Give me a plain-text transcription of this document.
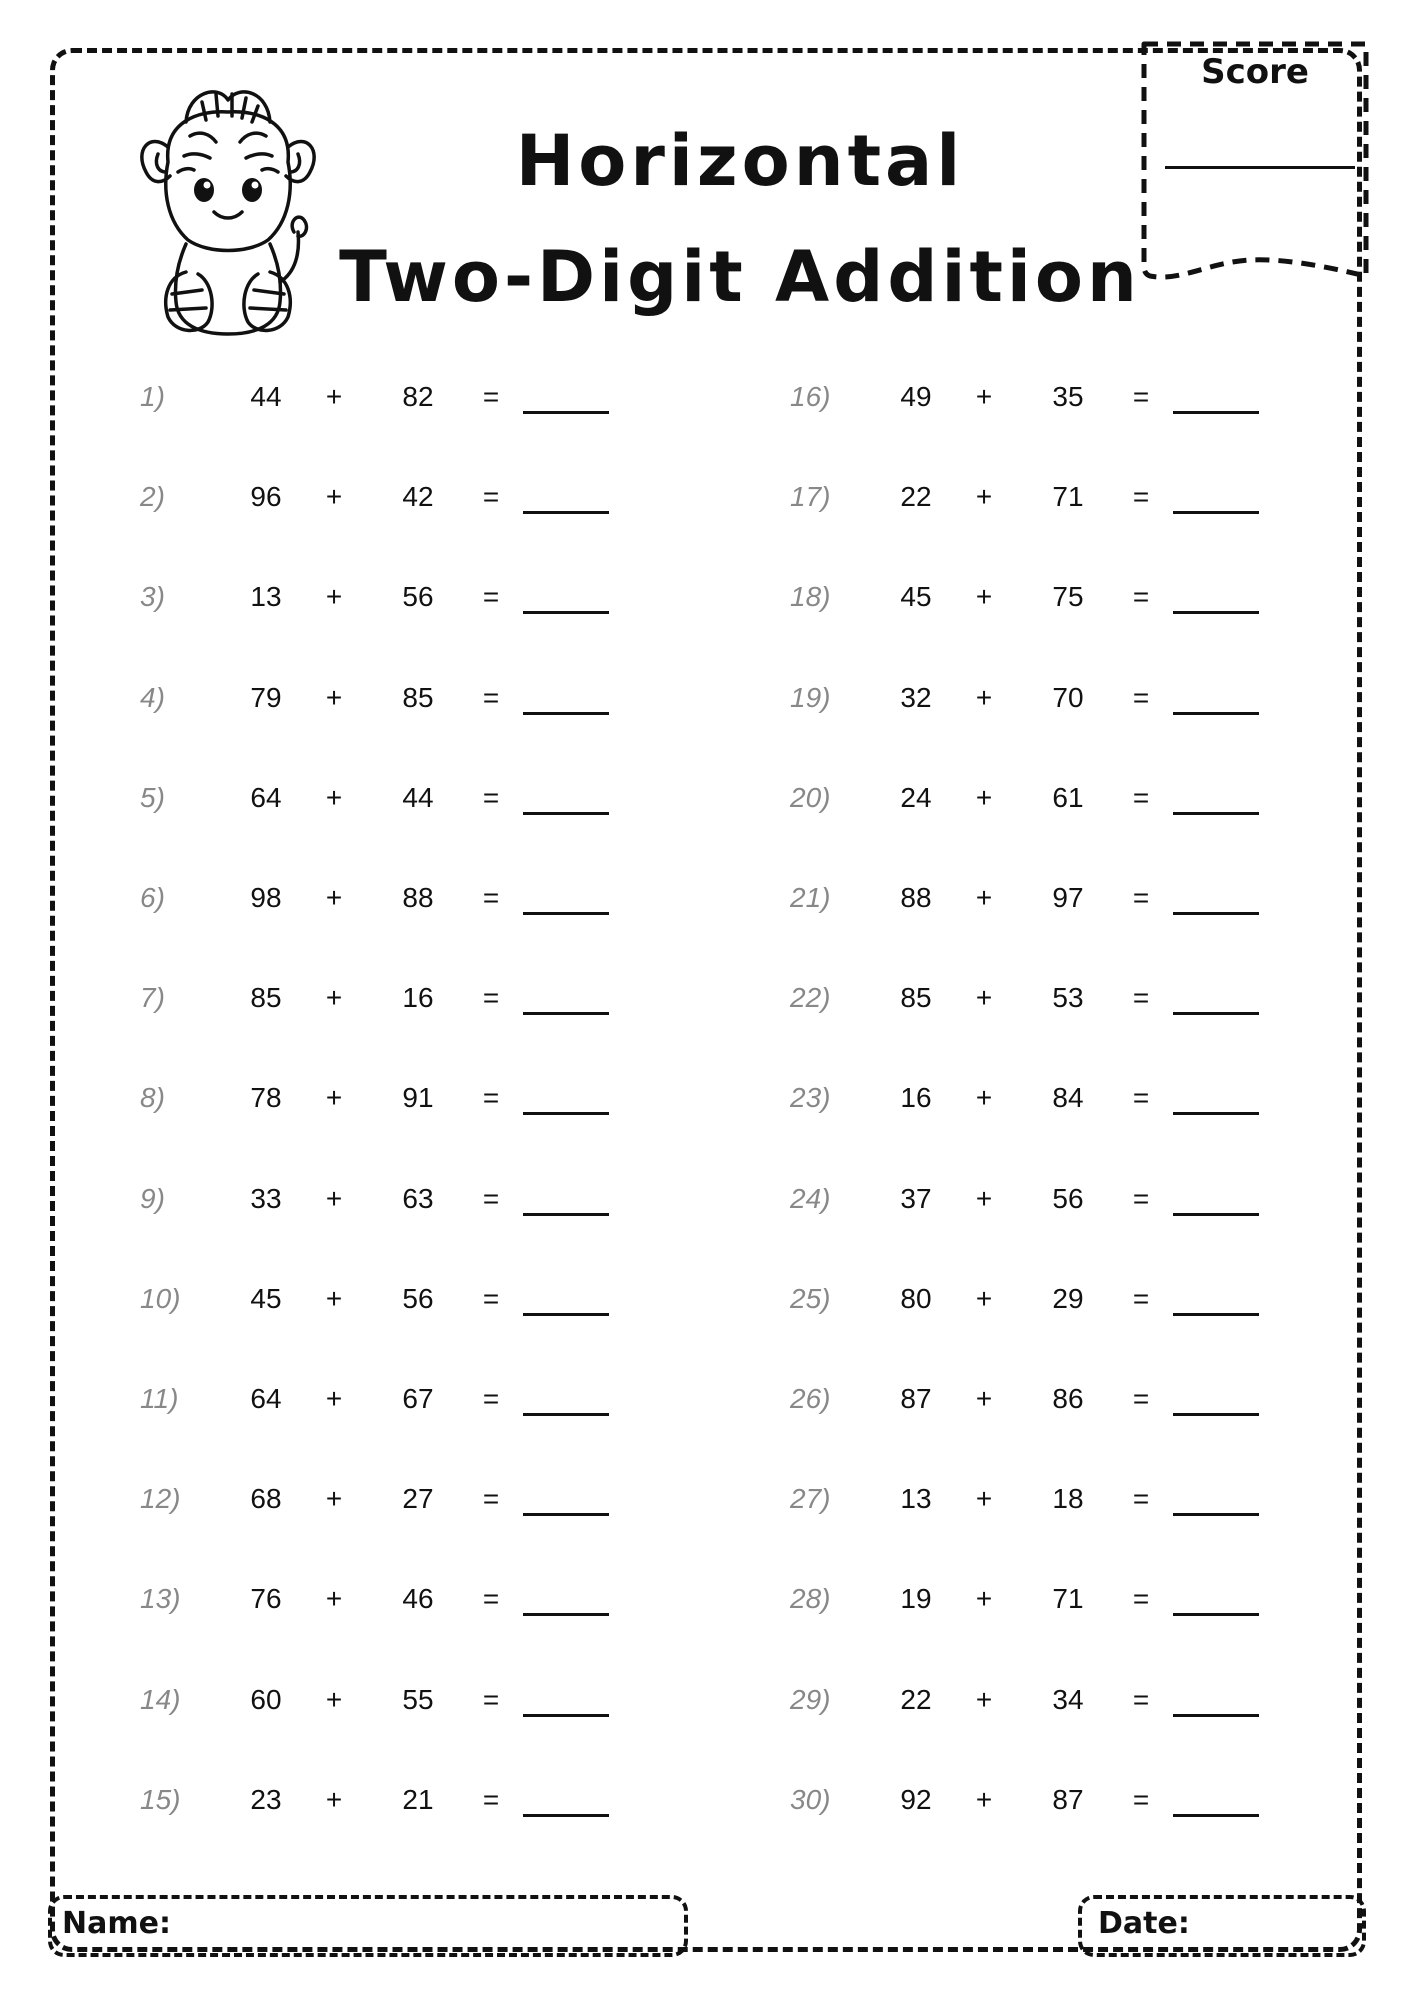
Horizontal
Two-Digit Addition
Score
1)	44	+	82	=
2)	96	+	42	=
3)	13	+	56	=
4)	79	+	85	=
5)	64	+	44	=
6)	98	+	88	=
7)	85	+	16	=
8)	78	+	91	=
9)	33	+	63	=
10)	45	+	56	=
11)	64	+	67	=
12)	68	+	27	=
13)	76	+	46	=
14)	60	+	55	=
15)	23	+	21	=
16)	49	+	35	=
17)	22	+	71	=
18)	45	+	75	=
19)	32	+	70	=
20)	24	+	61	=
21)	88	+	97	=
22)	85	+	53	=
23)	16	+	84	=
24)	37	+	56	=
25)	80	+	29	=
26)	87	+	86	=
27)	13	+	18	=
28)	19	+	71	=
29)	22	+	34	=
30)	92	+	87	=
Name:	Date:
